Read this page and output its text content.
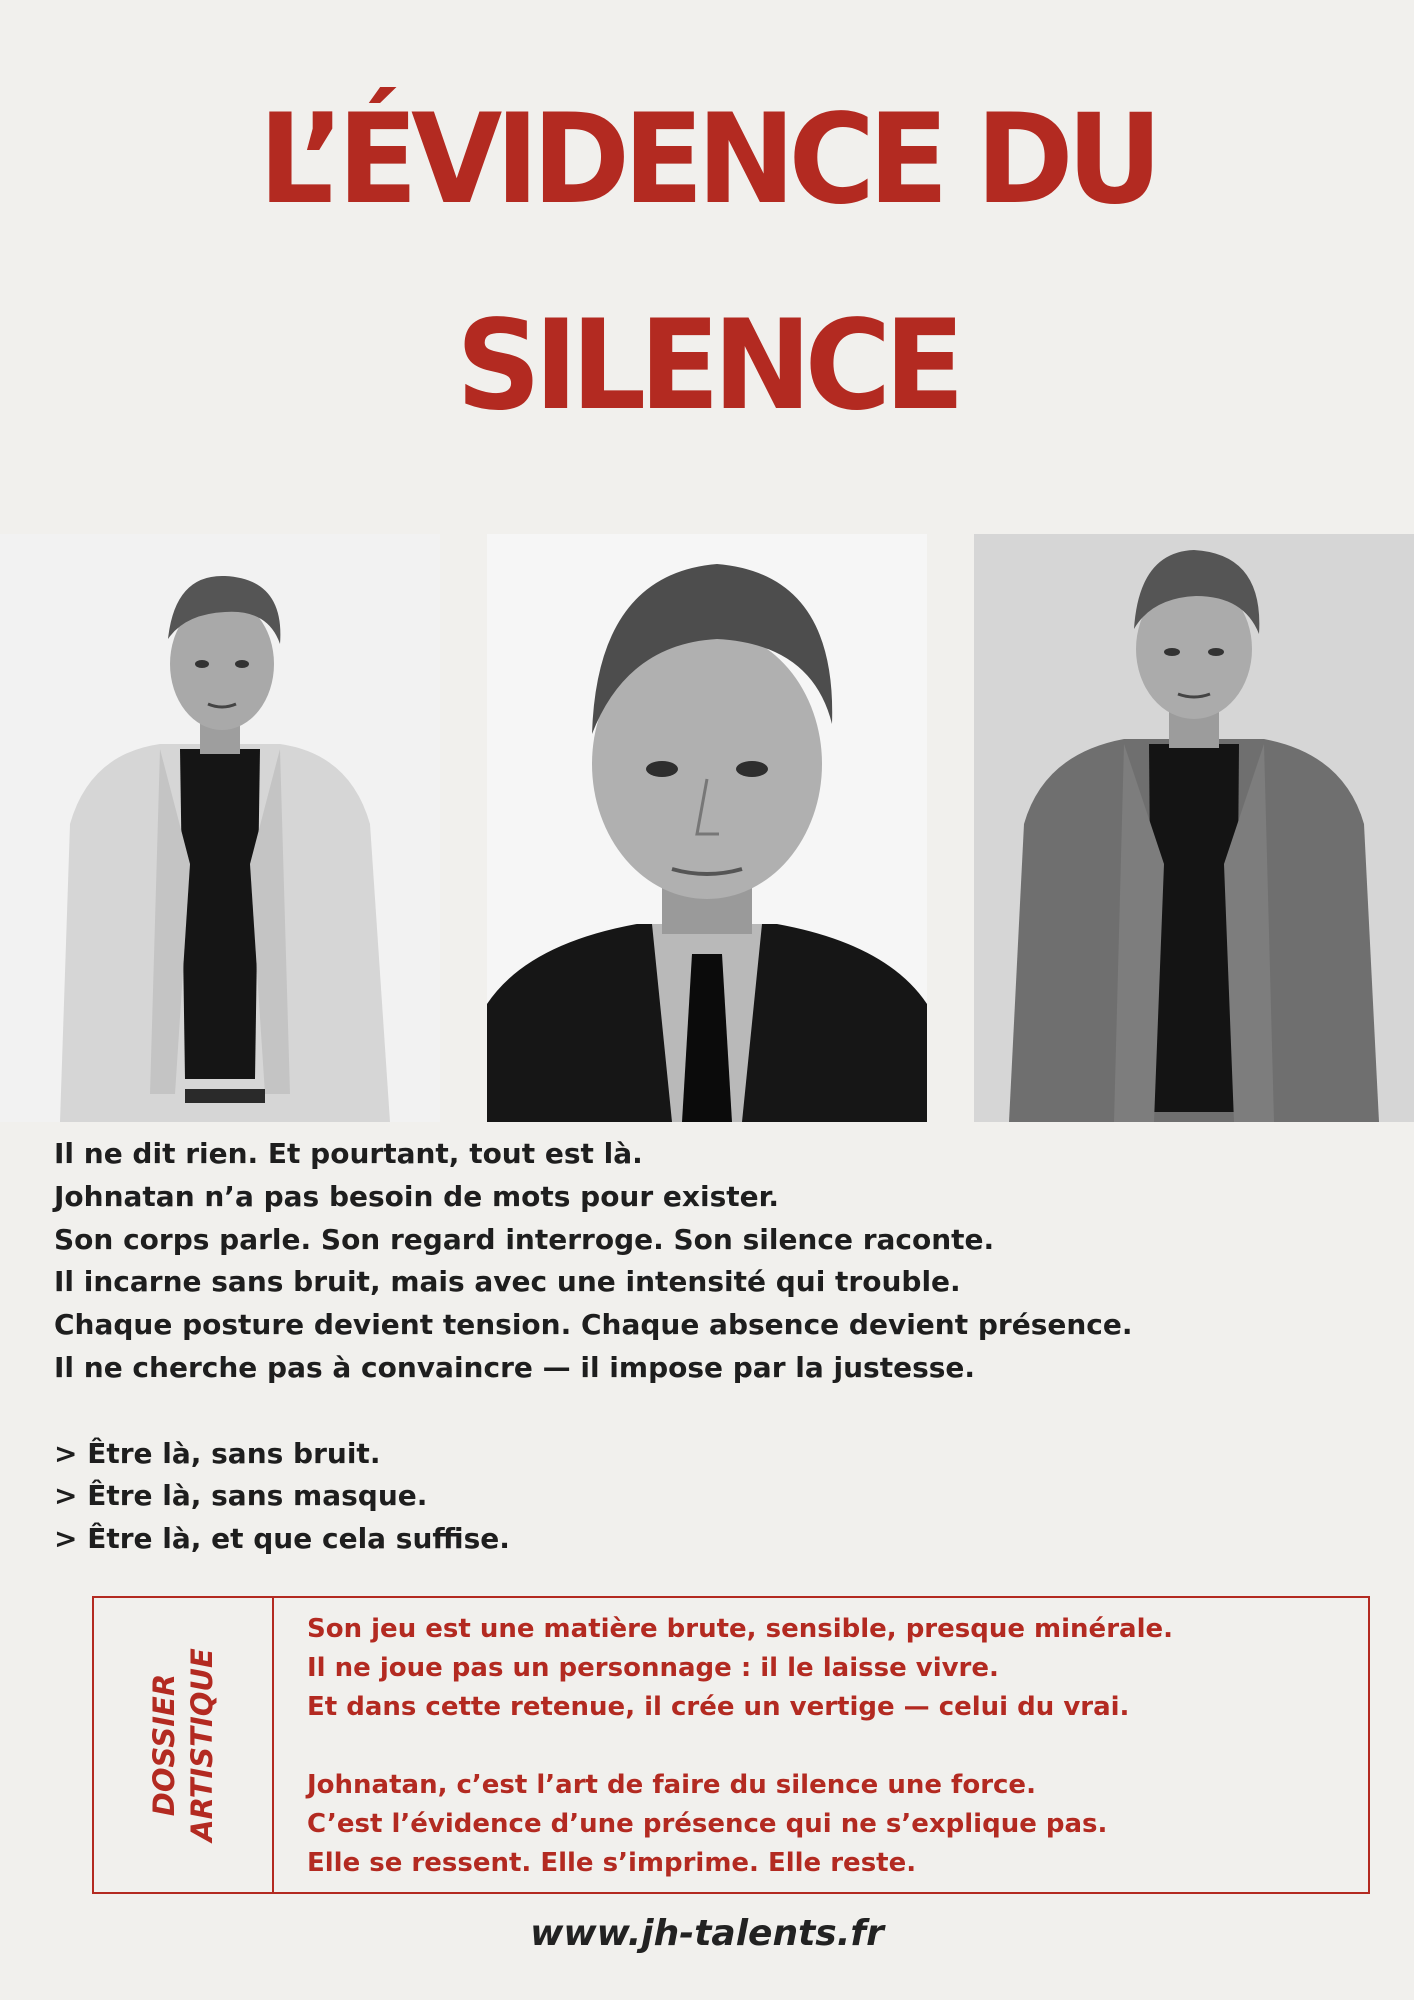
L’ÉVIDENCE DU
SILENCE

Il ne dit rien. Et pourtant, tout est là.

Johnatan n’a pas besoin de mots pour exister.

Son corps parle. Son regard interroge. Son silence raconte.

Il incarne sans bruit, mais avec une intensité qui trouble.

Chaque posture devient tension. Chaque absence devient présence.

Il ne cherche pas à convaincre — il impose par la justesse.

> Être là, sans bruit.

> Être là, sans masque.

> Être là, et que cela suffise.

DOSSIER ARTISTIQUE

Son jeu est une matière brute, sensible, presque minérale.

Il ne joue pas un personnage : il le laisse vivre.

Et dans cette retenue, il crée un vertige — celui du vrai.

Johnatan, c’est l’art de faire du silence une force.

C’est l’évidence d’une présence qui ne s’explique pas.

Elle se ressent. Elle s’imprime. Elle reste.

www.jh-talents.fr
